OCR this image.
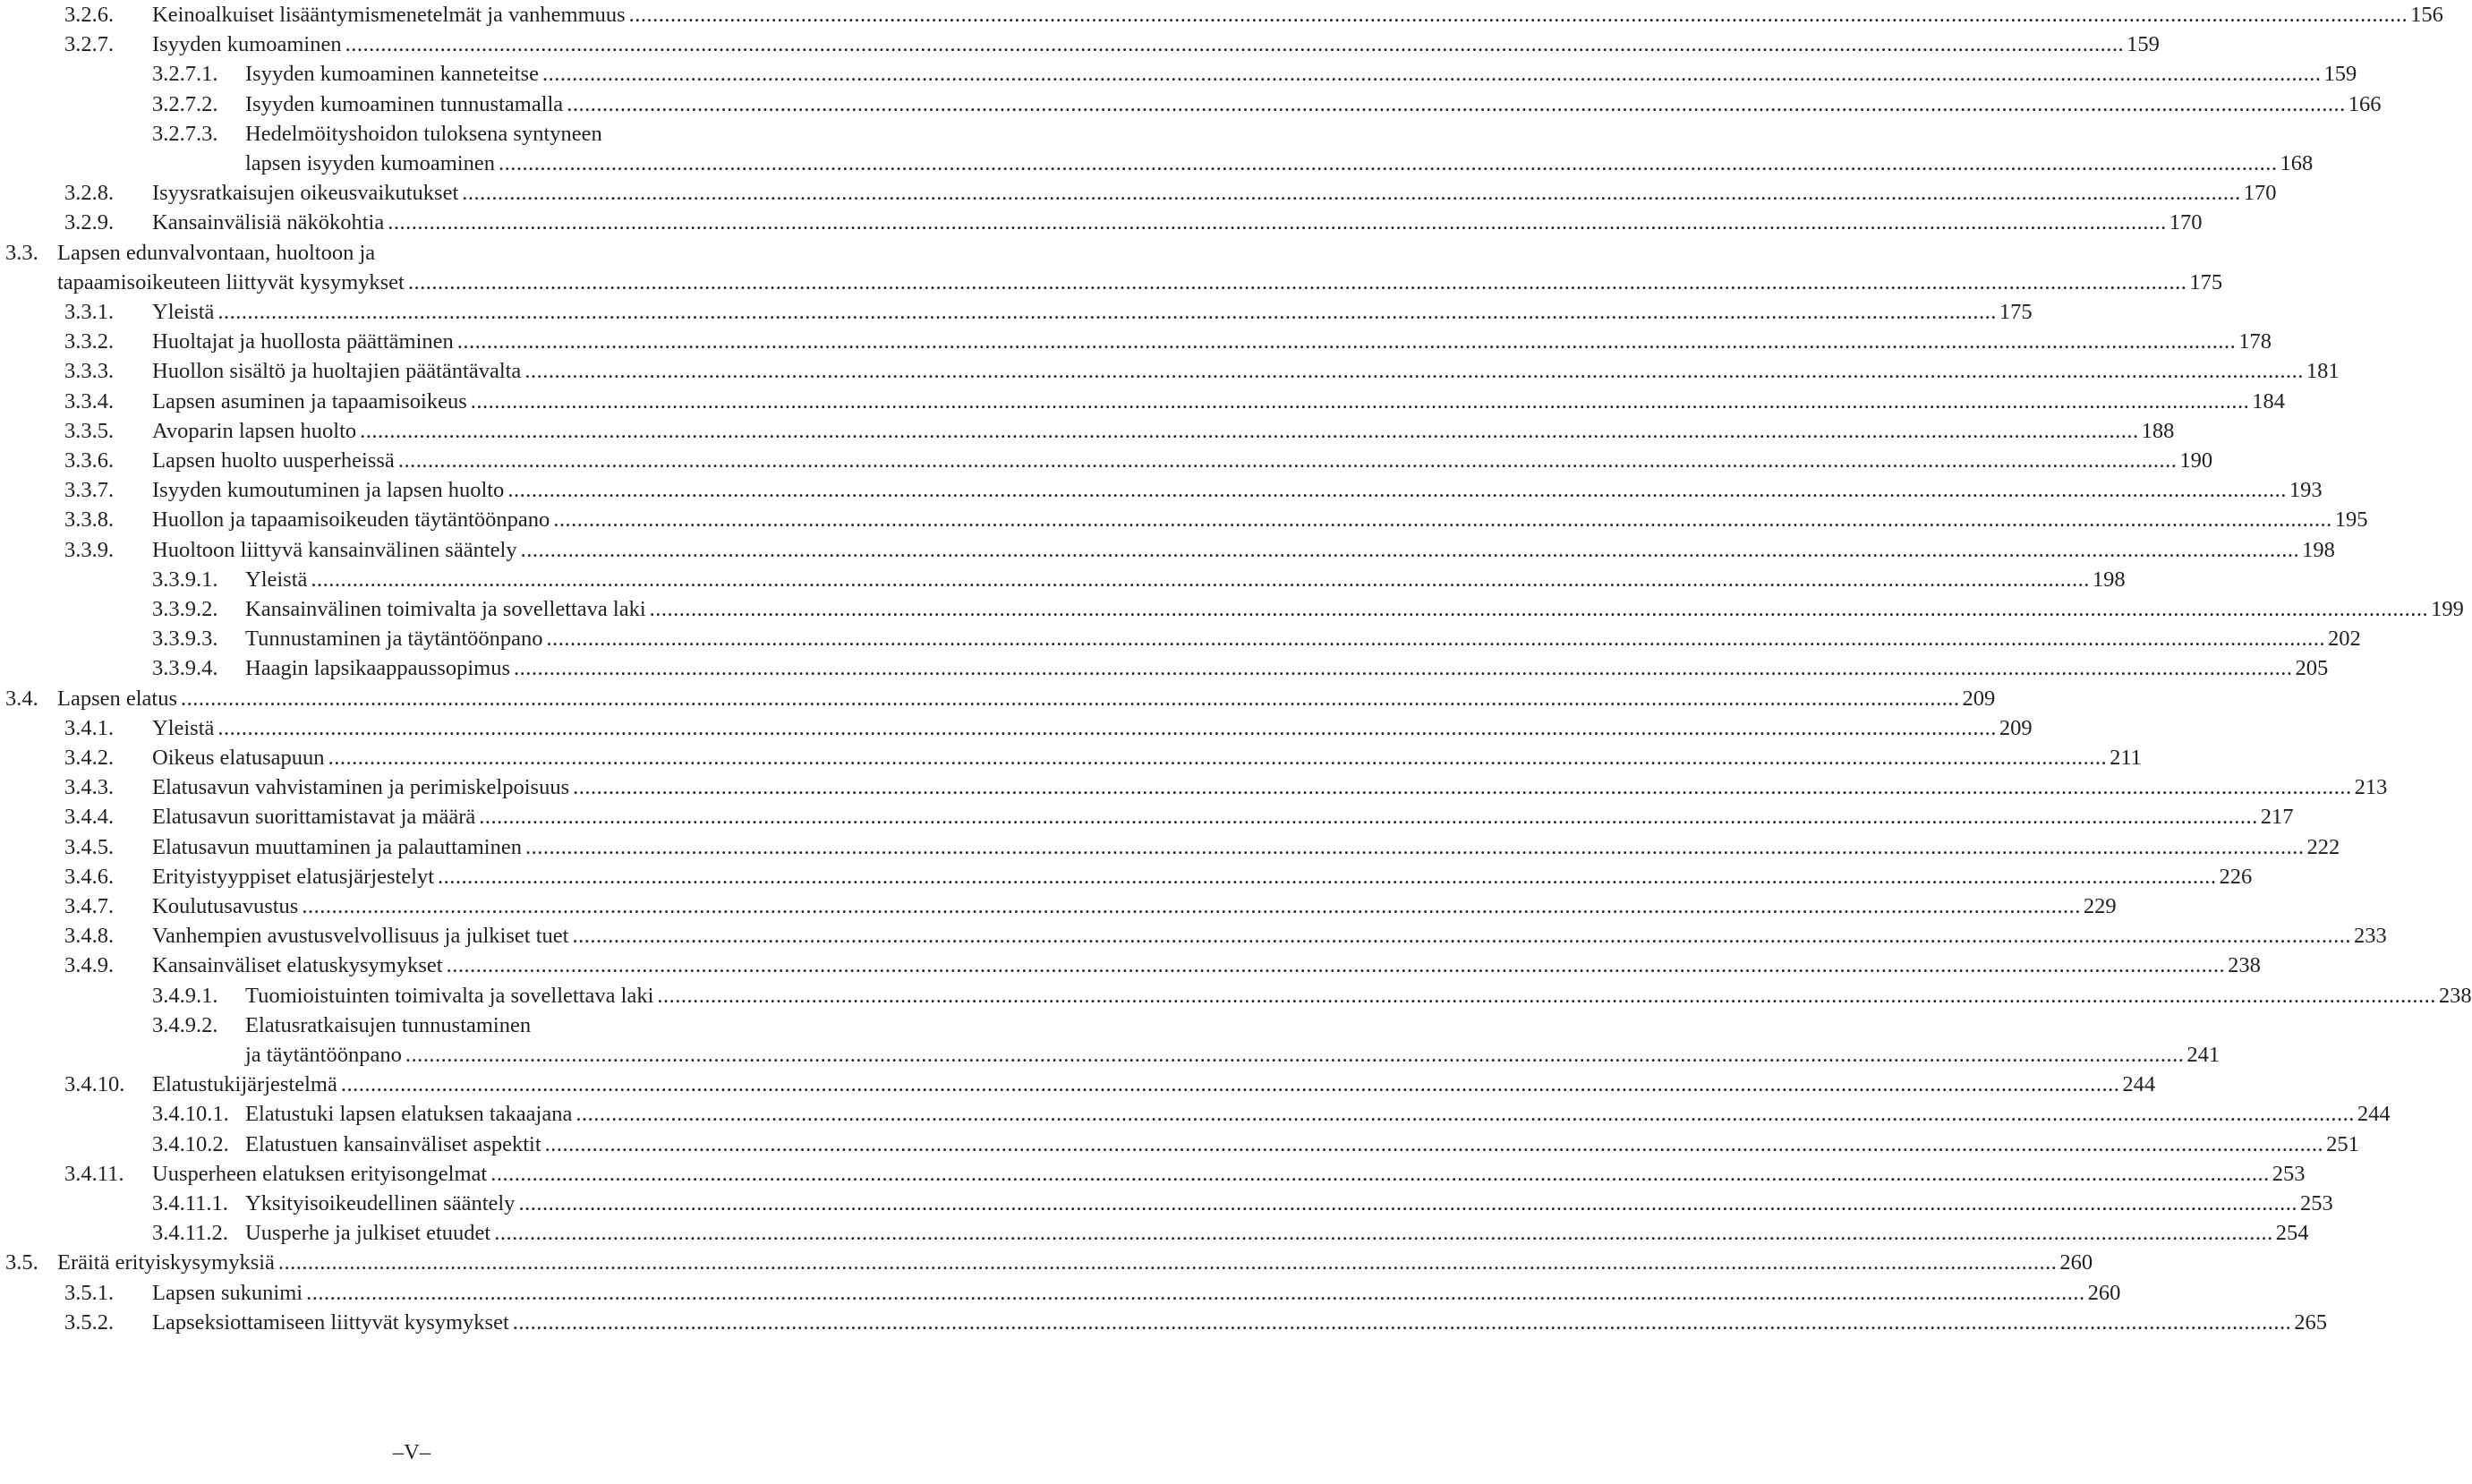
3.2.6. Keinoalkuiset lisääntymismenetelmät ja vanhemmuus ............................................................................................................................................................................................................................................................................................................ 156
3.2.7. Isyyden kumoaminen ............................................................................................................................................................................................................................................................................................................ 159
3.2.7.1. Isyyden kumoaminen kanneteitse ............................................................................................................................................................................................................................................................................................................ 159
3.2.7.2. Isyyden kumoaminen tunnustamalla ............................................................................................................................................................................................................................................................................................................ 166
3.2.7.3. Hedelmöityshoidon tuloksena syntyneen
lapsen isyyden kumoaminen ............................................................................................................................................................................................................................................................................................................ 168
3.2.8. Isyysratkaisujen oikeusvaikutukset ............................................................................................................................................................................................................................................................................................................ 170
3.2.9. Kansainvälisiä näkökohtia ............................................................................................................................................................................................................................................................................................................ 170
3.3. Lapsen edunvalvontaan, huoltoon ja
tapaamisoikeuteen liittyvät kysymykset ............................................................................................................................................................................................................................................................................................................ 175
3.3.1. Yleistä ............................................................................................................................................................................................................................................................................................................ 175
3.3.2. Huoltajat ja huollosta päättäminen ............................................................................................................................................................................................................................................................................................................ 178
3.3.3. Huollon sisältö ja huoltajien päätäntävalta ............................................................................................................................................................................................................................................................................................................ 181
3.3.4. Lapsen asuminen ja tapaamisoikeus ............................................................................................................................................................................................................................................................................................................ 184
3.3.5. Avoparin lapsen huolto ............................................................................................................................................................................................................................................................................................................ 188
3.3.6. Lapsen huolto uusperheissä ............................................................................................................................................................................................................................................................................................................ 190
3.3.7. Isyyden kumoutuminen ja lapsen huolto ............................................................................................................................................................................................................................................................................................................ 193
3.3.8. Huollon ja tapaamisoikeuden täytäntöönpano ............................................................................................................................................................................................................................................................................................................ 195
3.3.9. Huoltoon liittyvä kansainvälinen sääntely ............................................................................................................................................................................................................................................................................................................ 198
3.3.9.1. Yleistä ............................................................................................................................................................................................................................................................................................................ 198
3.3.9.2. Kansainvälinen toimivalta ja sovellettava laki ............................................................................................................................................................................................................................................................................................................ 199
3.3.9.3. Tunnustaminen ja täytäntöönpano ............................................................................................................................................................................................................................................................................................................ 202
3.3.9.4. Haagin lapsikaappaussopimus ............................................................................................................................................................................................................................................................................................................ 205
3.4. Lapsen elatus ............................................................................................................................................................................................................................................................................................................ 209
3.4.1. Yleistä ............................................................................................................................................................................................................................................................................................................ 209
3.4.2. Oikeus elatusapuun ............................................................................................................................................................................................................................................................................................................ 211
3.4.3. Elatusavun vahvistaminen ja perimiskelpoisuus ............................................................................................................................................................................................................................................................................................................ 213
3.4.4. Elatusavun suorittamistavat ja määrä ............................................................................................................................................................................................................................................................................................................ 217
3.4.5. Elatusavun muuttaminen ja palauttaminen ............................................................................................................................................................................................................................................................................................................ 222
3.4.6. Erityistyyppiset elatusjärjestelyt ............................................................................................................................................................................................................................................................................................................ 226
3.4.7. Koulutusavustus ............................................................................................................................................................................................................................................................................................................ 229
3.4.8. Vanhempien avustusvelvollisuus ja julkiset tuet ............................................................................................................................................................................................................................................................................................................ 233
3.4.9. Kansainväliset elatuskysymykset ............................................................................................................................................................................................................................................................................................................ 238
3.4.9.1. Tuomioistuinten toimivalta ja sovellettava laki ............................................................................................................................................................................................................................................................................................................ 238
3.4.9.2. Elatusratkaisujen tunnustaminen
ja täytäntöönpano ............................................................................................................................................................................................................................................................................................................ 241
3.4.10. Elatustukijärjestelmä ............................................................................................................................................................................................................................................................................................................ 244
3.4.10.1. Elatustuki lapsen elatuksen takaajana ............................................................................................................................................................................................................................................................................................................ 244
3.4.10.2. Elatustuen kansainväliset aspektit ............................................................................................................................................................................................................................................................................................................ 251
3.4.11. Uusperheen elatuksen erityisongelmat ............................................................................................................................................................................................................................................................................................................ 253
3.4.11.1. Yksityisoikeudellinen sääntely ............................................................................................................................................................................................................................................................................................................ 253
3.4.11.2. Uusperhe ja julkiset etuudet ............................................................................................................................................................................................................................................................................................................ 254
3.5. Eräitä erityiskysymyksiä ............................................................................................................................................................................................................................................................................................................ 260
3.5.1. Lapsen sukunimi ............................................................................................................................................................................................................................................................................................................ 260
3.5.2. Lapseksiottamiseen liittyvät kysymykset ............................................................................................................................................................................................................................................................................................................ 265
–V–
